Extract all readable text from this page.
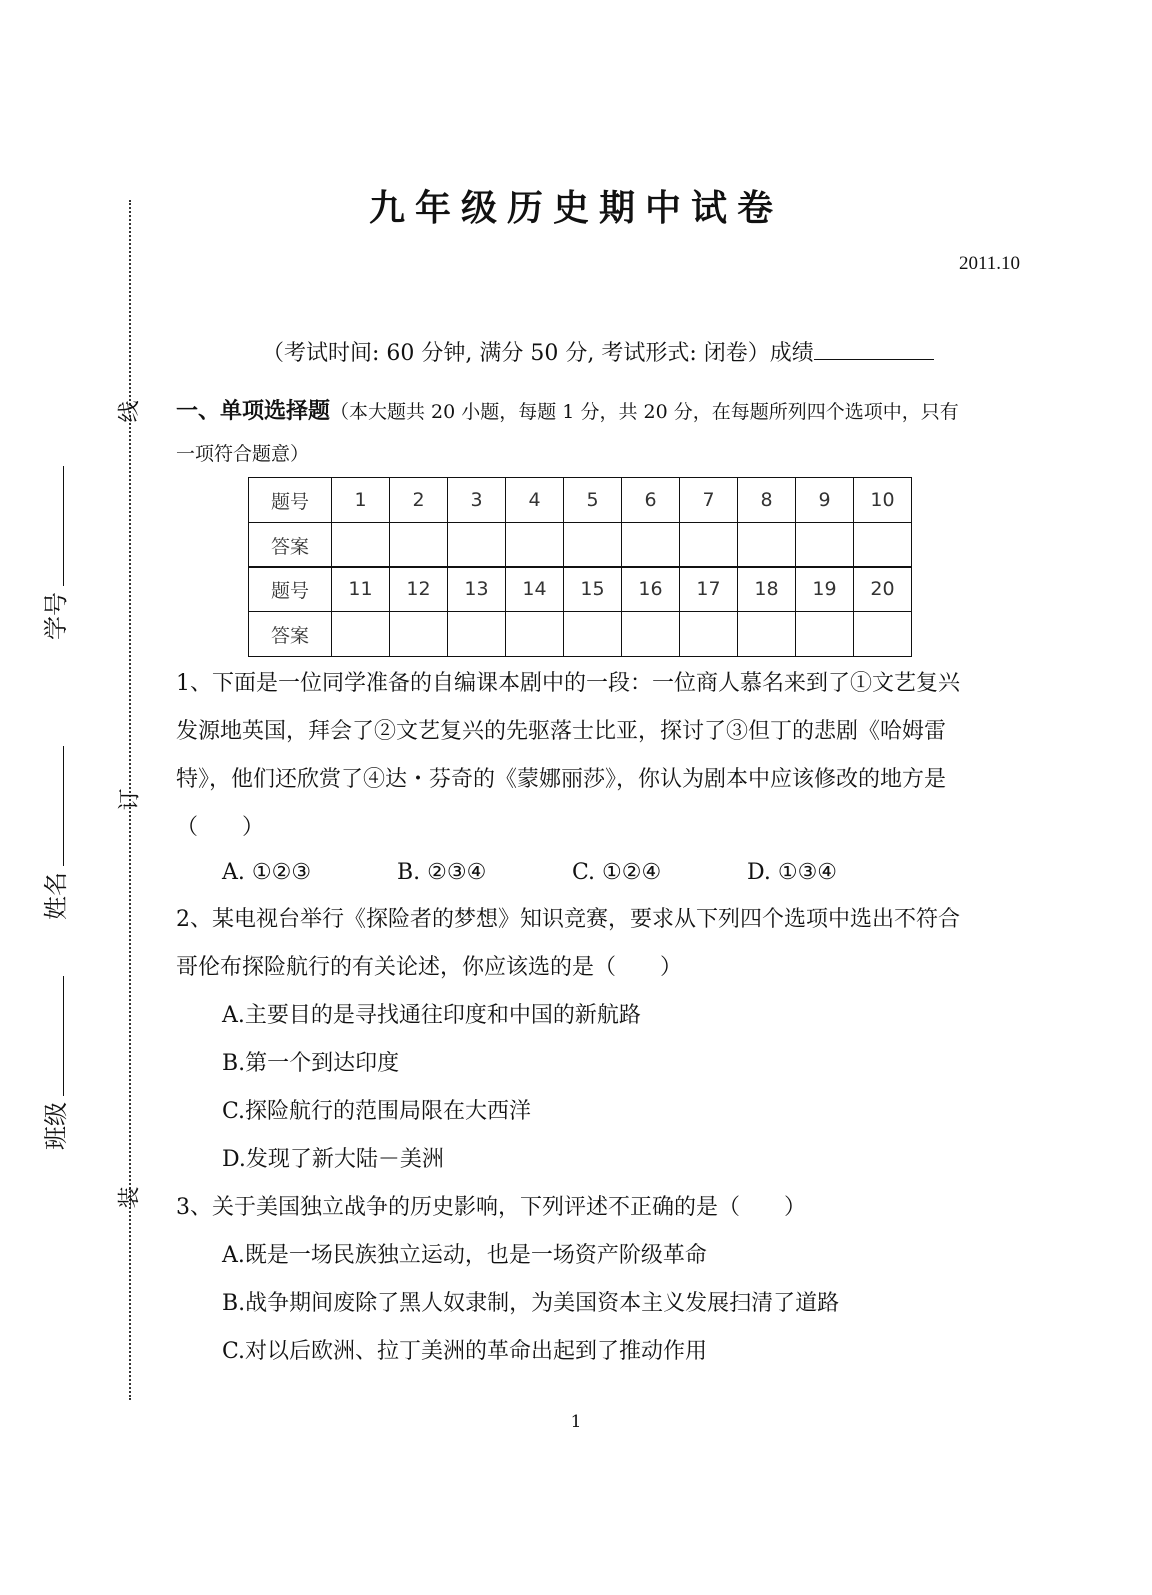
线
订
装
学号
姓名
班级
九年级历史期中试卷
2011.10
（考试时间: 60 分钟, 满分 50 分, 考试形式: 闭卷）成绩
一、单项选择题（本大题共 20 小题，每题 1 分，共 20 分，在每题所列四个选项中，只有一项符合题意）
题号	1	2	3	4	5	6	7	8	9	10
答案										
题号	11	12	13	14	15	16	17	18	19	20
答案										
1、下面是一位同学准备的自编课本剧中的一段：一位商人慕名来到了①文艺复兴发源地英国，拜会了②文艺复兴的先驱落士比亚，探讨了③但丁的悲剧《哈姆雷特》，他们还欣赏了④达・芬奇的《蒙娜丽莎》，你认为剧本中应该修改的地方是（　　）
A. ①②③	B. ②③④	C. ①②④	D. ①③④
2、某电视台举行《探险者的梦想》知识竞赛，要求从下列四个选项中选出不符合哥伦布探险航行的有关论述，你应该选的是（　　）
A.主要目的是寻找通往印度和中国的新航路
B.第一个到达印度
C.探险航行的范围局限在大西洋
D.发现了新大陆－美洲
3、关于美国独立战争的历史影响，下列评述不正确的是（　　）
A.既是一场民族独立运动，也是一场资产阶级革命
B.战争期间废除了黑人奴隶制，为美国资本主义发展扫清了道路
C.对以后欧洲、拉丁美洲的革命出起到了推动作用
1
